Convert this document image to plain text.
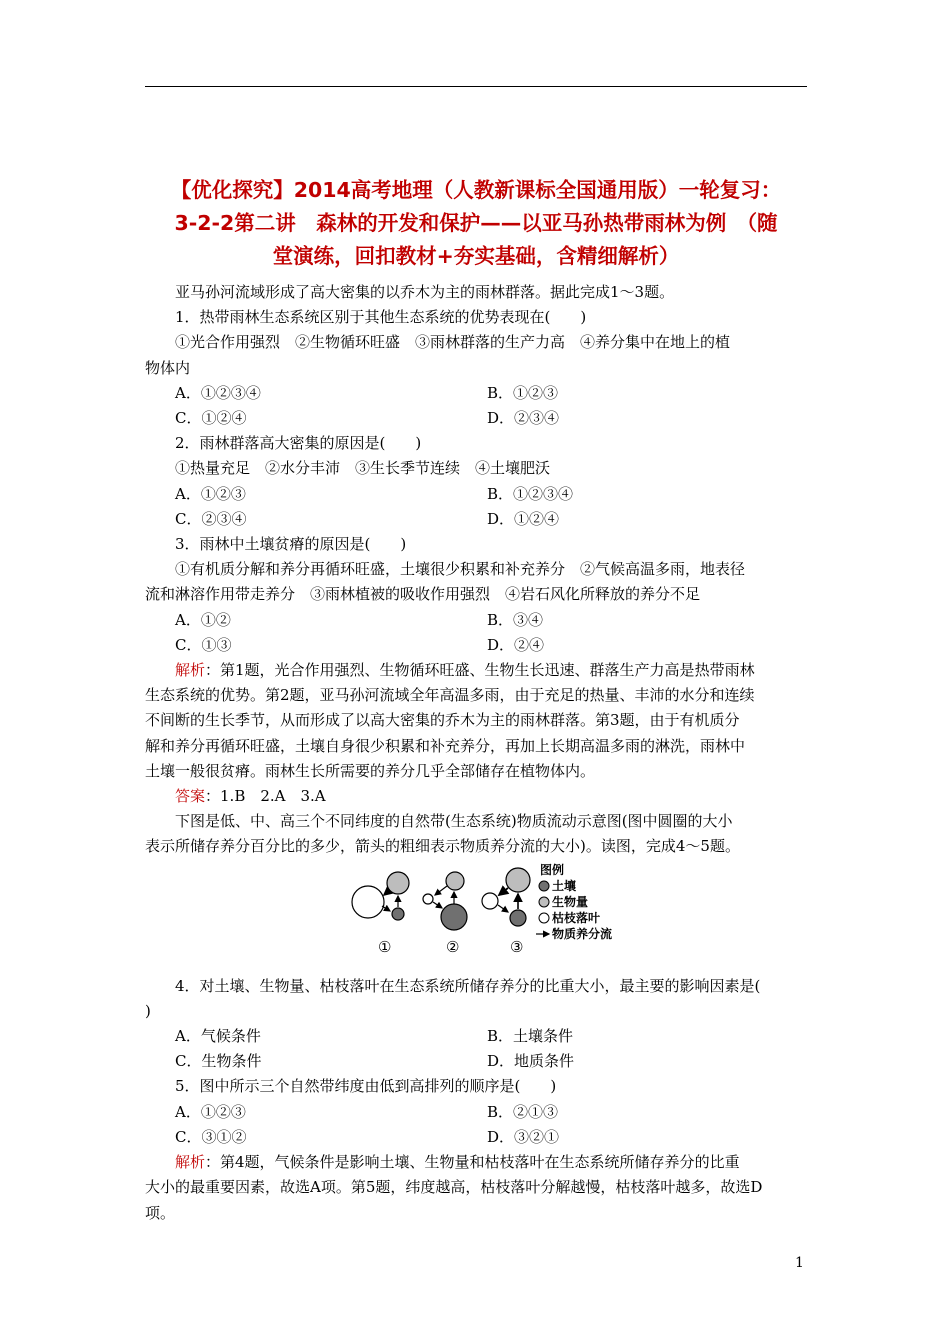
【优化探究】2014高考地理（人教新课标全国通用版）一轮复习：
3-2-2第二讲　森林的开发和保护——以亚马孙热带雨林为例　（随
堂演练，回扣教材+夯实基础，含精细解析）

亚马孙河流域形成了高大密集的以乔木为主的雨林群落。据此完成1～3题。

1．热带雨林生态系统区别于其他生态系统的优势表现在(　　)

①光合作用强烈　②生物循环旺盛　③雨林群落的生产力高　④养分集中在地上的植

物体内

A．①②③④	B．①②③
C．①②④	D．②③④

2．雨林群落高大密集的原因是(　　)

①热量充足　②水分丰沛　③生长季节连续　④土壤肥沃

A．①②③	B．①②③④
C．②③④	D．①②④

3．雨林中土壤贫瘠的原因是(　　)

①有机质分解和养分再循环旺盛，土壤很少积累和补充养分　②气候高温多雨，地表径

流和淋溶作用带走养分　③雨林植被的吸收作用强烈　④岩石风化所释放的养分不足

A．①②	B．③④
C．①③	D．②④

解析：第1题，光合作用强烈、生物循环旺盛、生物生长迅速、群落生产力高是热带雨林

生态系统的优势。第2题，亚马孙河流域全年高温多雨，由于充足的热量、丰沛的水分和连续

不间断的生长季节，从而形成了以高大密集的乔木为主的雨林群落。第3题，由于有机质分

解和养分再循环旺盛，土壤自身很少积累和补充养分，再加上长期高温多雨的淋洗，雨林中

土壤一般很贫瘠。雨林生长所需要的养分几乎全部储存在植物体内。

答案：1.B　2.A　3.A

下图是低、中、高三个不同纬度的自然带(生态系统)物质流动示意图(图中圆圈的大小

表示所储存养分百分比的多少，箭头的粗细表示物质养分流的大小)。读图，完成4～5题。

①	②	③
图例
土壤
生物量
枯枝落叶
物质养分流

4．对土壤、生物量、枯枝落叶在生态系统所储存养分的比重大小，最主要的影响因素是(

)

A．气候条件	B．土壤条件
C．生物条件	D．地质条件

5．图中所示三个自然带纬度由低到高排列的顺序是(　　)

A．①②③	B．②①③
C．③①②	D．③②①

解析：第4题，气候条件是影响土壤、生物量和枯枝落叶在生态系统所储存养分的比重

大小的最重要因素，故选A项。第5题，纬度越高，枯枝落叶分解越慢，枯枝落叶越多，故选D

项。

1
